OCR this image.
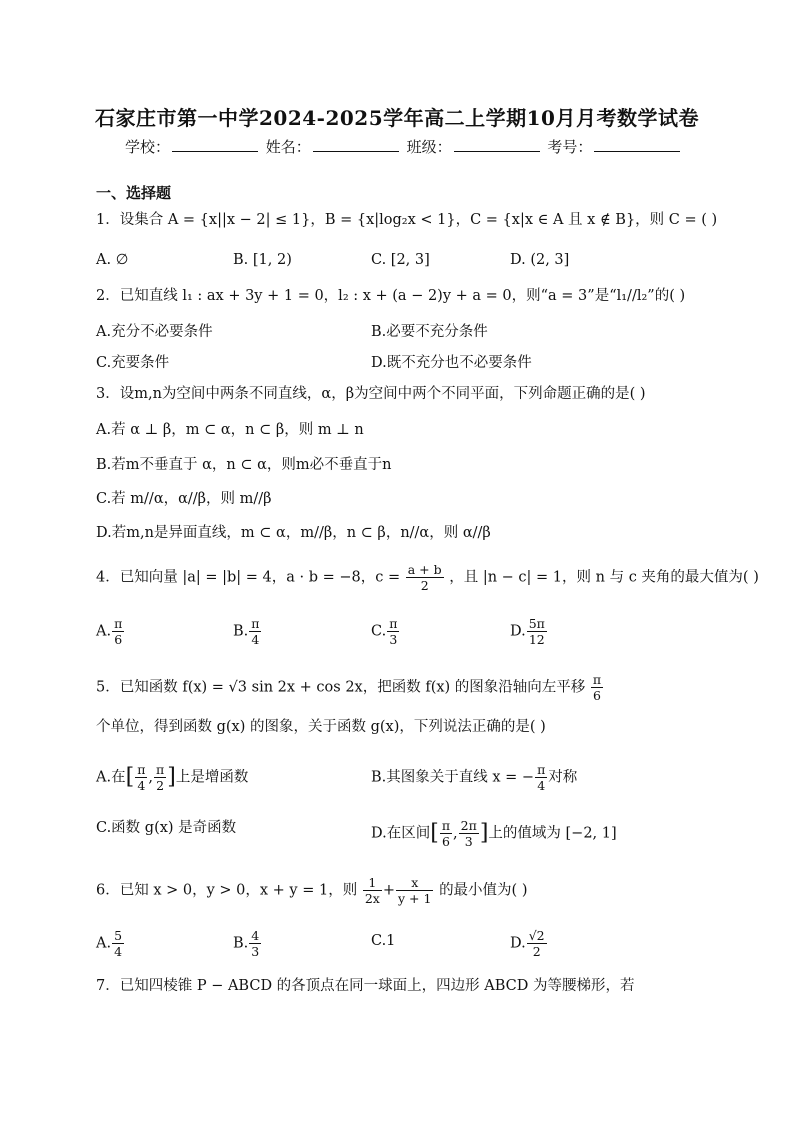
石家庄市第一中学2024-2025学年高二上学期10月月考数学试卷
学校：	姓名：	班级：	考号：
一、选择题
1．设集合 A = {x||x − 2| ≤ 1}，B = {x|log₂x < 1}，C = {x|x ∈ A 且 x ∉ B}，则 C = ( )
A. ∅	B. [1, 2)	C. [2, 3]	D. (2, 3]
2．已知直线 l₁ : ax + 3y + 1 = 0，l₂ : x + (a − 2)y + a = 0，则“a = 3”是“l₁//l₂”的( )
A.充分不必要条件	B.必要不充分条件
C.充要条件	D.既不充分也不必要条件
3．设m,n为空间中两条不同直线，α，β为空间中两个不同平面，下列命题正确的是( )
A.若 α ⊥ β，m ⊂ α，n ⊂ β，则 m ⊥ n
B.若m不垂直于 α，n ⊂ α，则m必不垂直于n
C.若 m//α，α//β，则 m//β
D.若m,n是异面直线，m ⊂ α，m//β，n ⊂ β，n//α，则 α//β
4．已知向量 |a| = |b| = 4，a · b = −8，$c = \frac{a + b}{2}$ ，且 |n − c| = 1，则 n 与 c 夹角的最大值为( )
A. $\frac{\pi}{6}$	B. $\frac{\pi}{4}$	C. $\frac{\pi}{3}$	D. $\frac{5\pi}{12}$
5．已知函数 f(x) = √3 sin 2x + cos 2x，把函数 f(x) 的图象沿轴向左平移 $\frac{\pi}{6}$
个单位，得到函数 g(x) 的图象，关于函数 g(x)，下列说法正确的是( )
A.在[ $\frac{\pi}{4}$ , $\frac{\pi}{2}$ ]上是增函数	B.其图象关于直线 x = − $\frac{\pi}{4}$ 对称
C.函数 g(x) 是奇函数	D.在区间[ $\frac{\pi}{6}$ , $\frac{2\pi}{3}$ ]上的值域为 [−2, 1]
6．已知 x > 0，y > 0，x + y = 1，则 $\frac{1}{2x} + \frac{x}{y + 1}$ 的最小值为( )
A. $\frac{5}{4}$	B. $\frac{4}{3}$	C.1	D. $\frac{√2}{2}$
7．已知四棱锥 P − ABCD 的各顶点在同一球面上，四边形 ABCD 为等腰梯形，若
